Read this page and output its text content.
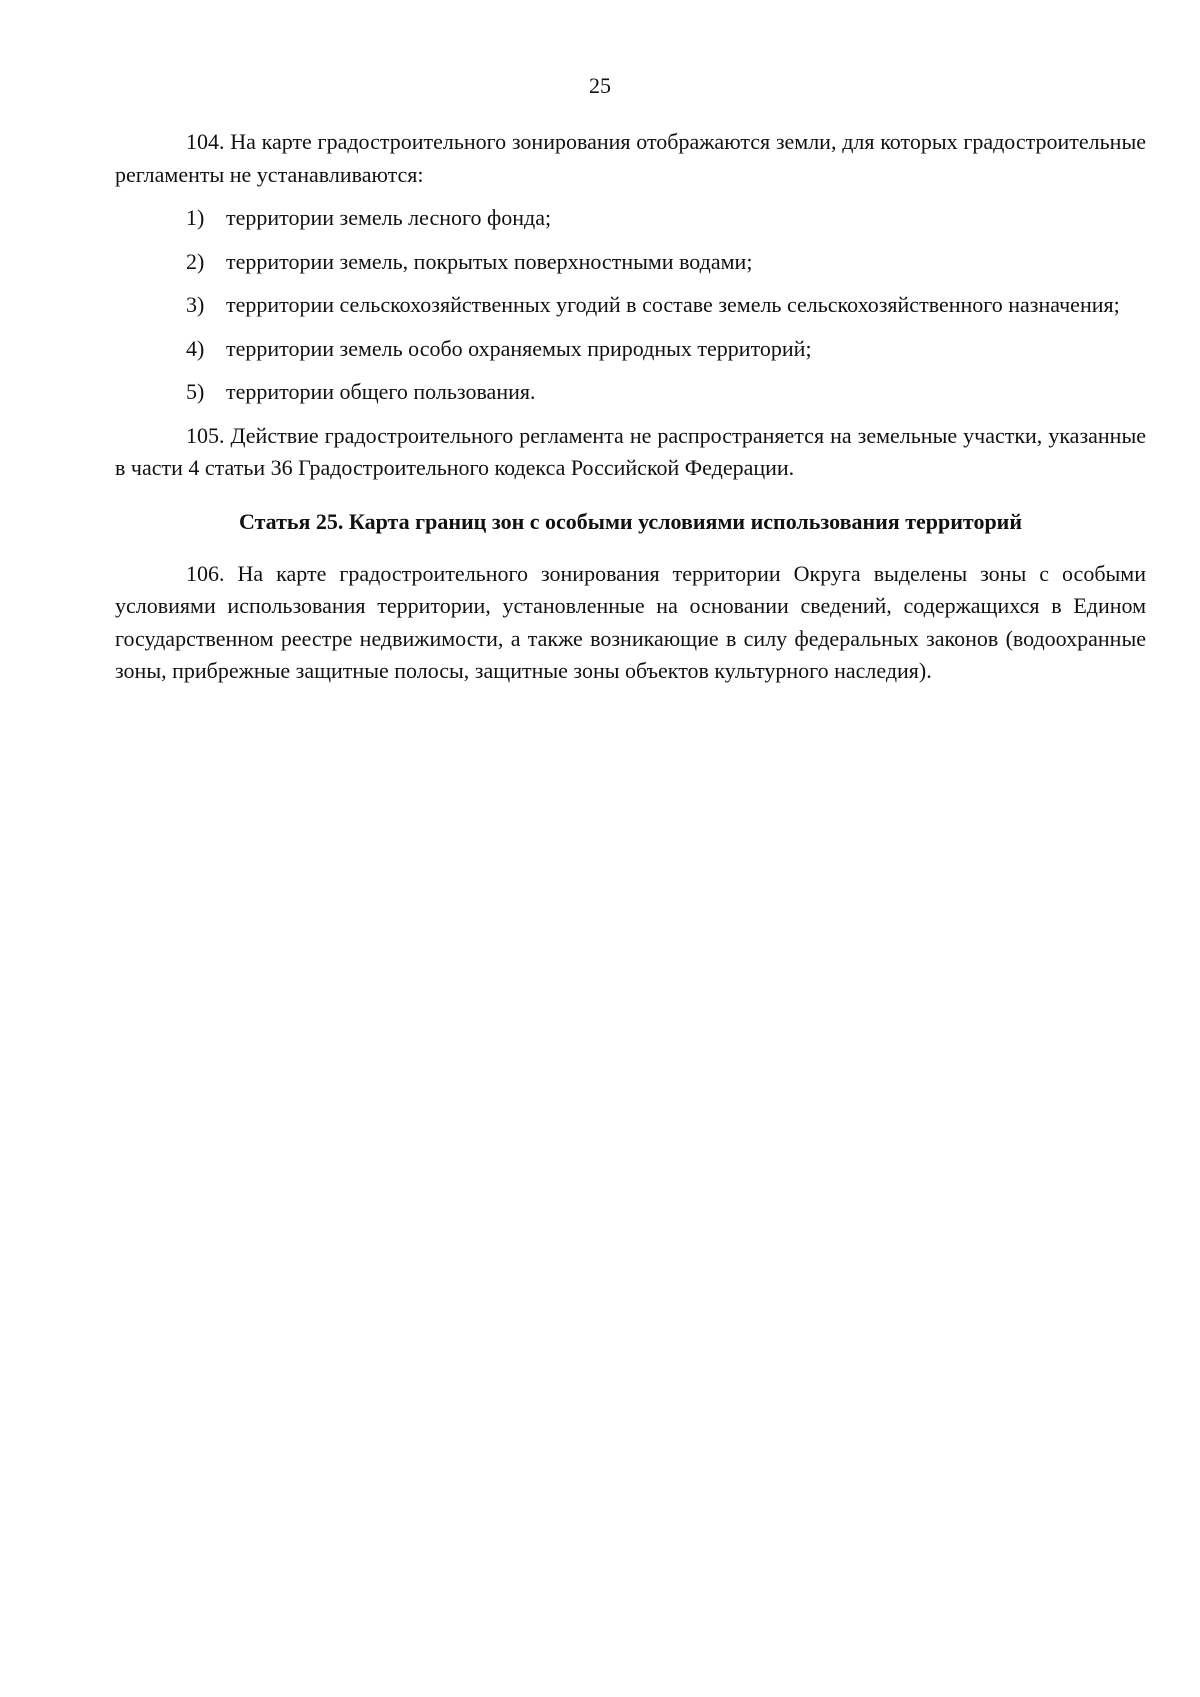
25

104. На карте градостроительного зонирования отображаются земли, для которых градостроительные регламенты не устанавливаются:

1) территории земель лесного фонда;

2) территории земель, покрытых поверхностными водами;

3) территории сельскохозяйственных угодий в составе земель сельскохозяйственного назначения;

4) территории земель особо охраняемых природных территорий;

5) территории общего пользования.

105. Действие градостроительного регламента не распространяется на земельные участки, указанные в части 4 статьи 36 Градостроительного кодекса Российской Федерации.

Статья 25. Карта границ зон с особыми условиями использования территорий

106. На карте градостроительного зонирования территории Округа выделены зоны с особыми условиями использования территории, установленные на основании сведений, содержащихся в Едином государственном реестре недвижимости, а также возникающие в силу федеральных законов (водоохранные зоны, прибрежные защитные полосы, защитные зоны объектов культурного наследия).
